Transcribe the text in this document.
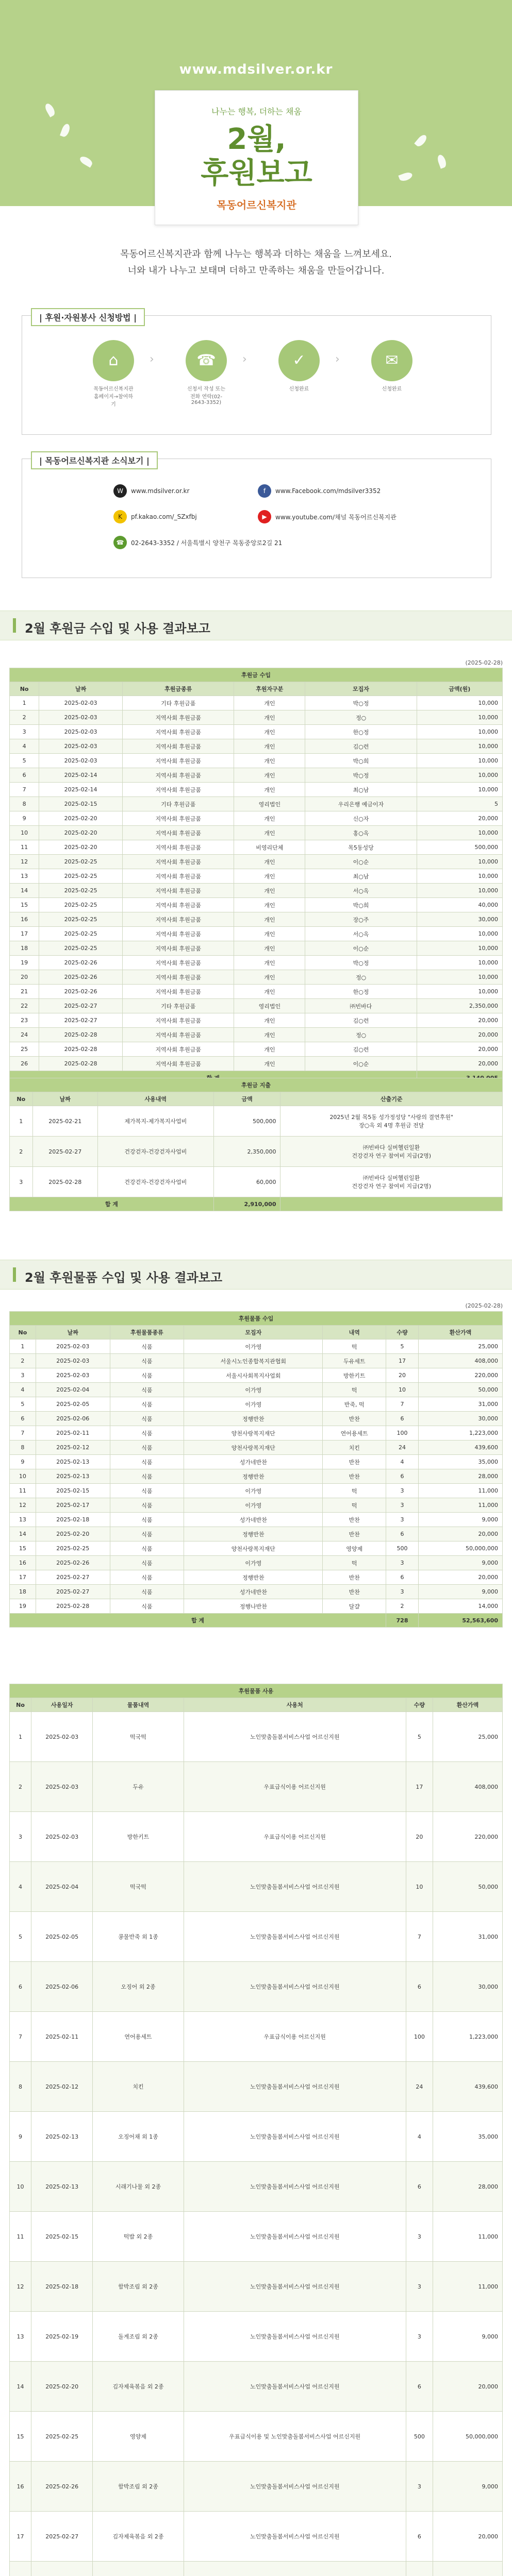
www.mdsilver.or.kr
나누는 행복, 더하는 채움
2월,
후원보고
목동어르신복지관
목동어르신복지관과 함께 나누는 행복과 더하는 채움을 느껴보세요.
너와 내가 나누고 보태며 더하고 만족하는 채움을 만들어갑니다.
| 후원·자원봉사 신청방법 |
⌂
목동어르신복지관
홈페이지→참여하기
›	☎
신청서 작성 또는
전화 연락(02-2643-3352)
›	✓
신청완료
›	✉
신청완료
| 목동어르신복지관 소식보기 |
W	www.mdsilver.or.kr	f	www.Facebook.com/mdsilver3352
K	pf.kakao.com/_SZxfbj	▶	www.youtube.com/채널 목동어르신복지관
☎	02-2643-3352 / 서울특별시 양천구 목동중앙로2길 21
2월 후원금 수입 및 사용 결과보고
(2025-02-28)
후원금 수입					
No	날짜	후원금종류	후원자구분	모집자	금액(원)
1	2025-02-03	기타 후원금품	개인	박○정	10,000
2	2025-02-03	지역사회 후원금품	개인	정○	10,000
3	2025-02-03	지역사회 후원금품	개인	한○정	10,000
4	2025-02-03	지역사회 후원금품	개인	김○련	10,000
5	2025-02-03	지역사회 후원금품	개인	박○희	10,000
6	2025-02-14	지역사회 후원금품	개인	박○정	10,000
7	2025-02-14	지역사회 후원금품	개인	최○남	10,000
8	2025-02-15	기타 후원금품	영리법인	우리은행 예금이자	5
9	2025-02-20	지역사회 후원금품	개인	신○자	20,000
10	2025-02-20	지역사회 후원금품	개인	홍○옥	10,000
11	2025-02-20	지역사회 후원금품	비영리단체	목5동성당	500,000
12	2025-02-25	지역사회 후원금품	개인	이○순	10,000
13	2025-02-25	지역사회 후원금품	개인	최○남	10,000
14	2025-02-25	지역사회 후원금품	개인	서○옥	10,000
15	2025-02-25	지역사회 후원금품	개인	박○희	40,000
16	2025-02-25	지역사회 후원금품	개인	장○주	30,000
17	2025-02-25	지역사회 후원금품	개인	서○옥	10,000
18	2025-02-25	지역사회 후원금품	개인	이○순	10,000
19	2025-02-26	지역사회 후원금품	개인	박○정	10,000
20	2025-02-26	지역사회 후원금품	개인	정○	10,000
21	2025-02-26	지역사회 후원금품	개인	한○정	10,000
22	2025-02-27	기타 후원금품	영리법인	㈜빈바다	2,350,000
23	2025-02-27	지역사회 후원금품	개인	김○련	20,000
24	2025-02-28	지역사회 후원금품	개인	정○	20,000
25	2025-02-28	지역사회 후원금품	개인	김○련	20,000
26	2025-02-28	지역사회 후원금품	개인	이○순	20,000

후원금 지출				
No	날짜	사용내역	금액	산출기준
1	2025-02-21	제가복지-제가복지사업비	500,000	2025년 2월 목5동 성가정성당 "사랑의 결연후원"
장○옥 외 4명 후원금 전달
2	2025-02-27	건강걷자-건강걷자사업비	2,350,000	㈜빈바다 실버헬린일환
건강걷자 연구 참여비 지급(2명)
3	2025-02-28	건강걷자-건강걷자사업비	60,000	㈜빈바다 실버헬린일환
건강걷자 연구 참여비 지급(2명)
합 계			2,910,000	
2월 후원물품 수입 및 사용 결과보고
(2025-02-28)
후원물품 수입						
No	날짜	후원물품종류	모집자	내역	수량	환산가액
1	2025-02-03	식품	이가영	떡	5	25,000
2	2025-02-03	식품	서울시노인종합복지관협회	두유세트	17	408,000
3	2025-02-03	식품	서울시사회복지사업회	방한키트	20	220,000
4	2025-02-04	식품	이가영	떡	10	50,000
5	2025-02-05	식품	이가영	반죽, 떡	7	31,000
6	2025-02-06	식품	정행반찬	반찬	6	30,000
7	2025-02-11	식품	양천사랑복지재단	연어용세트	100	1,223,000
8	2025-02-12	식품	양천사랑복지재단	치킨	24	439,600
9	2025-02-13	식품	성가네반찬	반찬	4	35,000
10	2025-02-13	식품	정행반찬	반찬	6	28,000
11	2025-02-15	식품	이가영	떡	3	11,000
12	2025-02-17	식품	이가영	떡	3	11,000
13	2025-02-18	식품	성가네반찬	반찬	3	9,000
14	2025-02-20	식품	정행반찬	반찬	6	20,000
15	2025-02-25	식품	양천사랑복지재단	영양제	500	50,000,000
16	2025-02-26	식품	이가영	떡	3	9,000
17	2025-02-27	식품	정행반찬	반찬	6	20,000
18	2025-02-27	식품	성가네반찬	반찬	3	9,000
19	2025-02-28	식품	정행나반찬	달걀	2	14,000
합 계					728	52,563,600
후원물품 사용					
No	사용일자	물품내역	사용처	수량	환산가액
1	2025-02-03	떡국떡	노인맞춤돌봄서비스사업 어르신지원	5	25,000
2	2025-02-03	두유	우표급식이용 어르신지원	17	408,000
3	2025-02-03	방한키트	우표급식이용 어르신지원	20	220,000
4	2025-02-04	떡국떡	노인맞춤돌봄서비스사업 어르신지원	10	50,000
5	2025-02-05	콩물반죽 외 1종	노인맞춤돌봄서비스사업 어르신지원	7	31,000
6	2025-02-06	오징어 외 2종	노인맞춤돌봄서비스사업 어르신지원	6	30,000
7	2025-02-11	연어용세트	우표급식이용 어르신지원	100	1,223,000
8	2025-02-12	치킨	노인맞춤돌봄서비스사업 어르신지원	24	439,600
9	2025-02-13	오징어채 외 1종	노인맞춤돌봄서비스사업 어르신지원	4	35,000
10	2025-02-13	시래기나물 외 2종	노인맞춤돌봄서비스사업 어르신지원	6	28,000
11	2025-02-15	떡밥 외 2종	노인맞춤돌봄서비스사업 어르신지원	3	11,000
12	2025-02-18	함박조림 외 2종	노인맞춤돌봄서비스사업 어르신지원	3	11,000
13	2025-02-19	돌게조림 외 2종	노인맞춤돌봄서비스사업 어르신지원	3	9,000
14	2025-02-20	김자제육볶음 외 2종	노인맞춤돌봄서비스사업 어르신지원	6	20,000
15	2025-02-25	영양제	우표급식이용 및 노인맞춤돌봄서비스사업 어르신지원	500	50,000,000
16	2025-02-26	함박조림 외 2종	노인맞춤돌봄서비스사업 어르신지원	3	9,000
17	2025-02-27	김자제육볶음 외 2종	노인맞춤돌봄서비스사업 어르신지원	6	20,000
